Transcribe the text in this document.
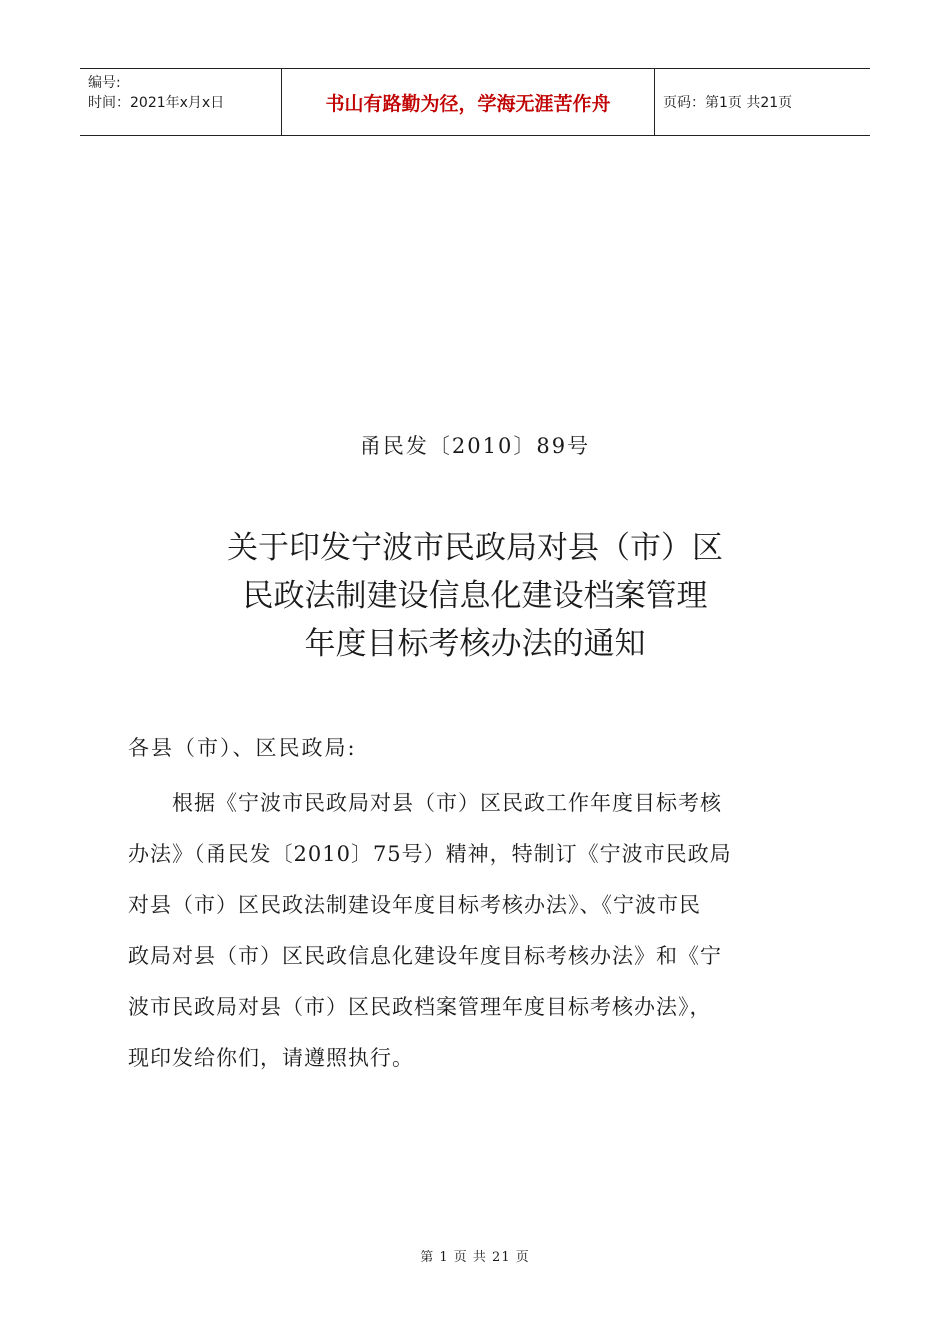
编号:
时间：2021年x月x日	书山有路勤为径，学海无涯苦作舟	页码：第1页 共21页
甬民发〔2010〕89号
关于印发宁波市民政局对县（市）区
民政法制建设信息化建设档案管理
年度目标考核办法的通知
各县（市）、区民政局:
　　根据《宁波市民政局对县（市）区民政工作年度目标考核
办法》（甬民发〔2010〕75号）精神，特制订《宁波市民政局
对县（市）区民政法制建设年度目标考核办法》、《宁波市民
政局对县（市）区民政信息化建设年度目标考核办法》和《宁
波市民政局对县（市）区民政档案管理年度目标考核办法》，
现印发给你们，请遵照执行。
第 1 页 共 21 页
